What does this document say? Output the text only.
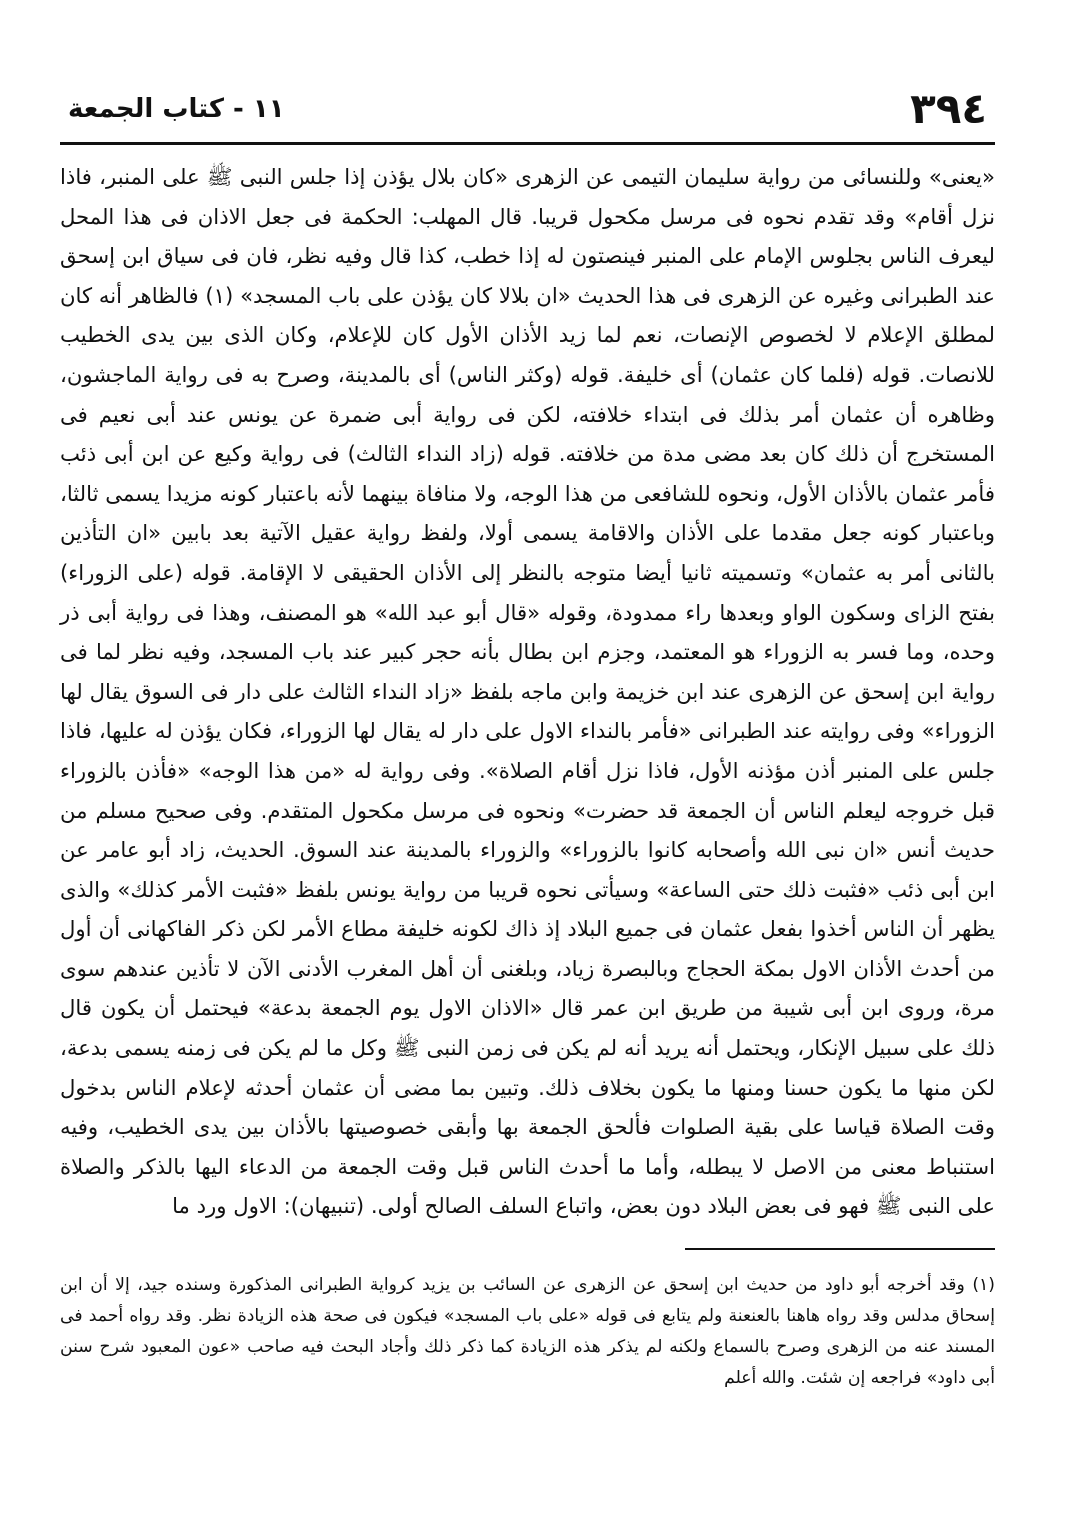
٣٩٤
١١ - كتاب الجمعة
«يعنى» وللنسائى من رواية سليمان التيمى عن الزهرى «كان بلال يؤذن إذا جلس النبى ﷺ على المنبر، فاذا نزل أقام» وقد تقدم نحوه فى مرسل مكحول قريبا. قال المهلب: الحكمة فى جعل الاذان فى هذا المحل ليعرف الناس بجلوس الإمام على المنبر فينصتون له إذا خطب، كذا قال وفيه نظر، فان فى سياق ابن إسحق عند الطبرانى وغيره عن الزهرى فى هذا الحديث «ان بلالا كان يؤذن على باب المسجد» (١) فالظاهر أنه كان لمطلق الإعلام لا لخصوص الإنصات، نعم لما زيد الأذان الأول كان للإعلام، وكان الذى بين يدى الخطيب للانصات. قوله (فلما كان عثمان) أى خليفة. قوله (وكثر الناس) أى بالمدينة، وصرح به فى رواية الماجشون، وظاهره أن عثمان أمر بذلك فى ابتداء خلافته، لكن فى رواية أبى ضمرة عن يونس عند أبى نعيم فى المستخرج أن ذلك كان بعد مضى مدة من خلافته. قوله (زاد النداء الثالث) فى رواية وكيع عن ابن أبى ذئب فأمر عثمان بالأذان الأول، ونحوه للشافعى من هذا الوجه، ولا منافاة بينهما لأنه باعتبار كونه مزيدا يسمى ثالثا، وباعتبار كونه جعل مقدما على الأذان والاقامة يسمى أولا، ولفظ رواية عقيل الآتية بعد بابين «ان التأذين بالثانى أمر به عثمان» وتسميته ثانيا أيضا متوجه بالنظر إلى الأذان الحقيقى لا الإقامة. قوله (على الزوراء) بفتح الزاى وسكون الواو وبعدها راء ممدودة، وقوله «قال أبو عبد الله» هو المصنف، وهذا فى رواية أبى ذر وحده، وما فسر به الزوراء هو المعتمد، وجزم ابن بطال بأنه حجر كبير عند باب المسجد، وفيه نظر لما فى رواية ابن إسحق عن الزهرى عند ابن خزيمة وابن ماجه بلفظ «زاد النداء الثالث على دار فى السوق يقال لها الزوراء» وفى روايته عند الطبرانى «فأمر بالنداء الاول على دار له يقال لها الزوراء، فكان يؤذن له عليها، فاذا جلس على المنبر أذن مؤذنه الأول، فاذا نزل أقام الصلاة». وفى رواية له «من هذا الوجه» «فأذن بالزوراء قبل خروجه ليعلم الناس أن الجمعة قد حضرت» ونحوه فى مرسل مكحول المتقدم. وفى صحيح مسلم من حديث أنس «ان نبى الله وأصحابه كانوا بالزوراء» والزوراء بالمدينة عند السوق. الحديث، زاد أبو عامر عن ابن أبى ذئب «فثبت ذلك حتى الساعة» وسيأتى نحوه قريبا من رواية يونس بلفظ «فثبت الأمر كذلك» والذى يظهر أن الناس أخذوا بفعل عثمان فى جميع البلاد إذ ذاك لكونه خليفة مطاع الأمر لكن ذكر الفاكهانى أن أول من أحدث الأذان الاول بمكة الحجاج وبالبصرة زياد، وبلغنى أن أهل المغرب الأدنى الآن لا تأذين عندهم سوى مرة، وروى ابن أبى شيبة من طريق ابن عمر قال «الاذان الاول يوم الجمعة بدعة» فيحتمل أن يكون قال ذلك على سبيل الإنكار، ويحتمل أنه يريد أنه لم يكن فى زمن النبى ﷺ وكل ما لم يكن فى زمنه يسمى بدعة، لكن منها ما يكون حسنا ومنها ما يكون بخلاف ذلك. وتبين بما مضى أن عثمان أحدثه لإعلام الناس بدخول وقت الصلاة قياسا على بقية الصلوات فألحق الجمعة بها وأبقى خصوصيتها بالأذان بين يدى الخطيب، وفيه استنباط معنى من الاصل لا يبطله، وأما ما أحدث الناس قبل وقت الجمعة من الدعاء اليها بالذكر والصلاة على النبى ﷺ فهو فى بعض البلاد دون بعض، واتباع السلف الصالح أولى. (تنبيهان): الاول ورد ما
(١) وقد أخرجه أبو داود من حديث ابن إسحق عن الزهرى عن السائب بن يزيد كرواية الطبرانى المذكورة وسنده جيد، إلا أن ابن إسحاق مدلس وقد رواه هاهنا بالعنعنة ولم يتابع فى قوله «على باب المسجد» فيكون فى صحة هذه الزيادة نظر. وقد رواه أحمد فى المسند عنه من الزهرى وصرح بالسماع ولكنه لم يذكر هذه الزيادة كما ذكر ذلك وأجاد البحث فيه صاحب «عون المعبود شرح سنن أبى داود» فراجعه إن شئت. والله أعلم
